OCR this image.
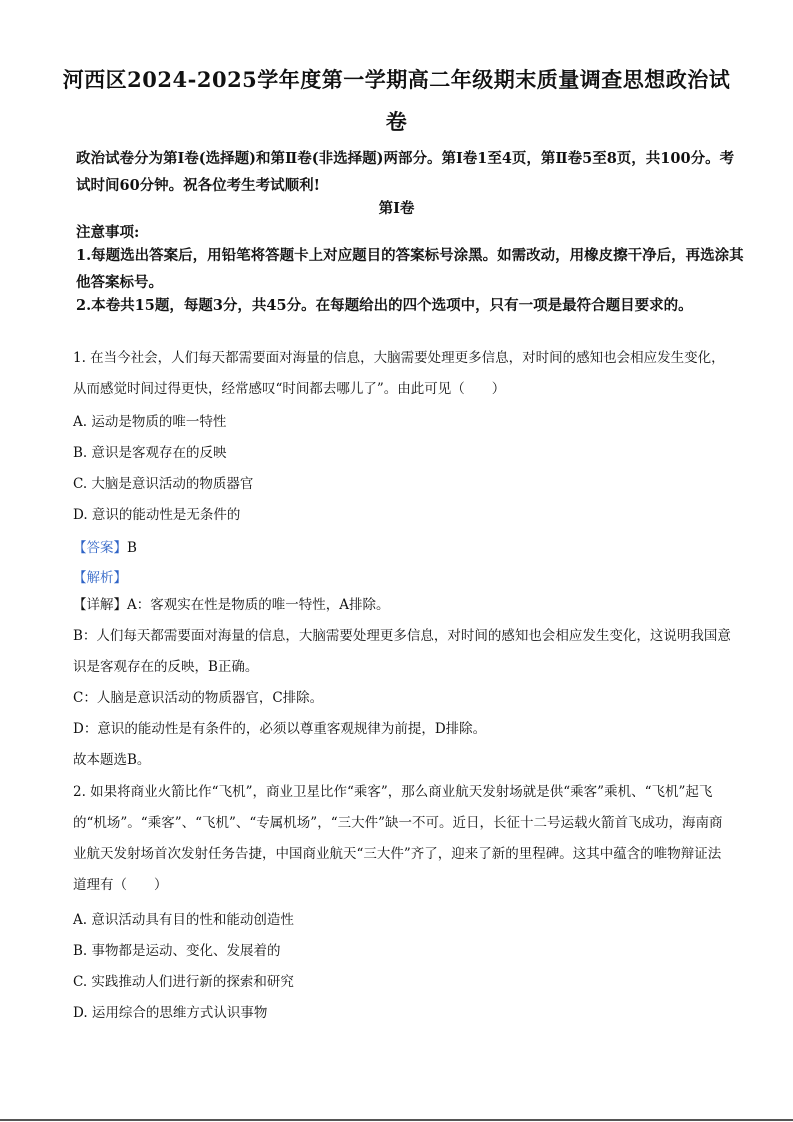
河西区2024-2025学年度第一学期高二年级期末质量调查思想政治试
卷
政治试卷分为第Ⅰ卷(选择题)和第Ⅱ卷(非选择题)两部分。第Ⅰ卷1至4页，第Ⅱ卷5至8页，共100分。考试时间60分钟。祝各位考生考试顺利!
第Ⅰ卷
注意事项:
1.每题选出答案后，用铅笔将答题卡上对应题目的答案标号涂黑。如需改动，用橡皮擦干净后，再选涂其他答案标号。
2.本卷共15题，每题3分，共45分。在每题给出的四个选项中，只有一项是最符合题目要求的。
1. 在当今社会，人们每天都需要面对海量的信息，大脑需要处理更多信息，对时间的感知也会相应发生变化，从而感觉时间过得更快，经常感叹“时间都去哪儿了”。由此可见（　　）
A. 运动是物质的唯一特性
B. 意识是客观存在的反映
C. 大脑是意识活动的物质器官
D. 意识的能动性是无条件的
【答案】B
【解析】
【详解】A：客观实在性是物质的唯一特性，A排除。
B：人们每天都需要面对海量的信息，大脑需要处理更多信息，对时间的感知也会相应发生变化，这说明我国意识是客观存在的反映，B正确。
C：人脑是意识活动的物质器官，C排除。
D：意识的能动性是有条件的，必须以尊重客观规律为前提，D排除。
故本题选B。
2. 如果将商业火箭比作“飞机”，商业卫星比作“乘客”，那么商业航天发射场就是供“乘客”乘机、“飞机”起飞的“机场”。“乘客”、“飞机”、“专属机场”，“三大件”缺一不可。近日，长征十二号运载火箭首飞成功，海南商业航天发射场首次发射任务告捷，中国商业航天“三大件”齐了，迎来了新的里程碑。这其中蕴含的唯物辩证法道理有（　　）
A. 意识活动具有目的性和能动创造性
B. 事物都是运动、变化、发展着的
C. 实践推动人们进行新的探索和研究
D. 运用综合的思维方式认识事物
